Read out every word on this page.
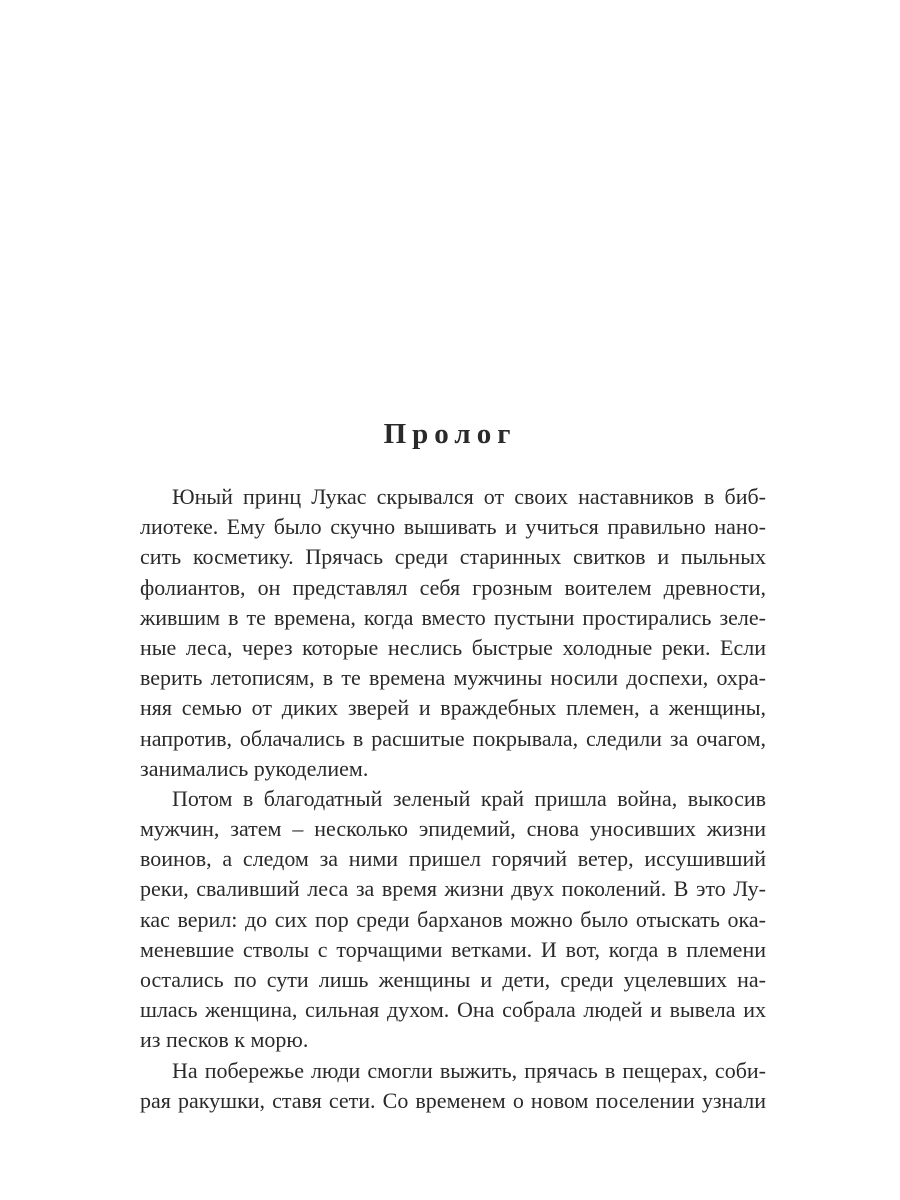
Пролог
Юный принц Лукас скрывался от своих наставников в биб-
лиотеке. Ему было скучно вышивать и учиться правильно нано-
сить косметику. Прячась среди старинных свитков и пыльных
фолиантов, он представлял себя грозным воителем древности,
жившим в те времена, когда вместо пустыни простирались зеле-
ные леса, через которые неслись быстрые холодные реки. Если
верить летописям, в те времена мужчины носили доспехи, охра-
няя семью от диких зверей и враждебных племен, а женщины,
напротив, облачались в расшитые покрывала, следили за очагом,
занимались рукоделием.
Потом в благодатный зеленый край пришла война, выкосив
мужчин, затем – несколько эпидемий, снова уносивших жизни
воинов, а следом за ними пришел горячий ветер, иссушивший
реки, сваливший леса за время жизни двух поколений. В это Лу-
кас верил: до сих пор среди барханов можно было отыскать ока-
меневшие стволы с торчащими ветками. И вот, когда в племени
остались по сути лишь женщины и дети, среди уцелевших на-
шлась женщина, сильная духом. Она собрала людей и вывела их
из песков к морю.
На побережье люди смогли выжить, прячась в пещерах, соби-
рая ракушки, ставя сети. Со временем о новом поселении узнали
